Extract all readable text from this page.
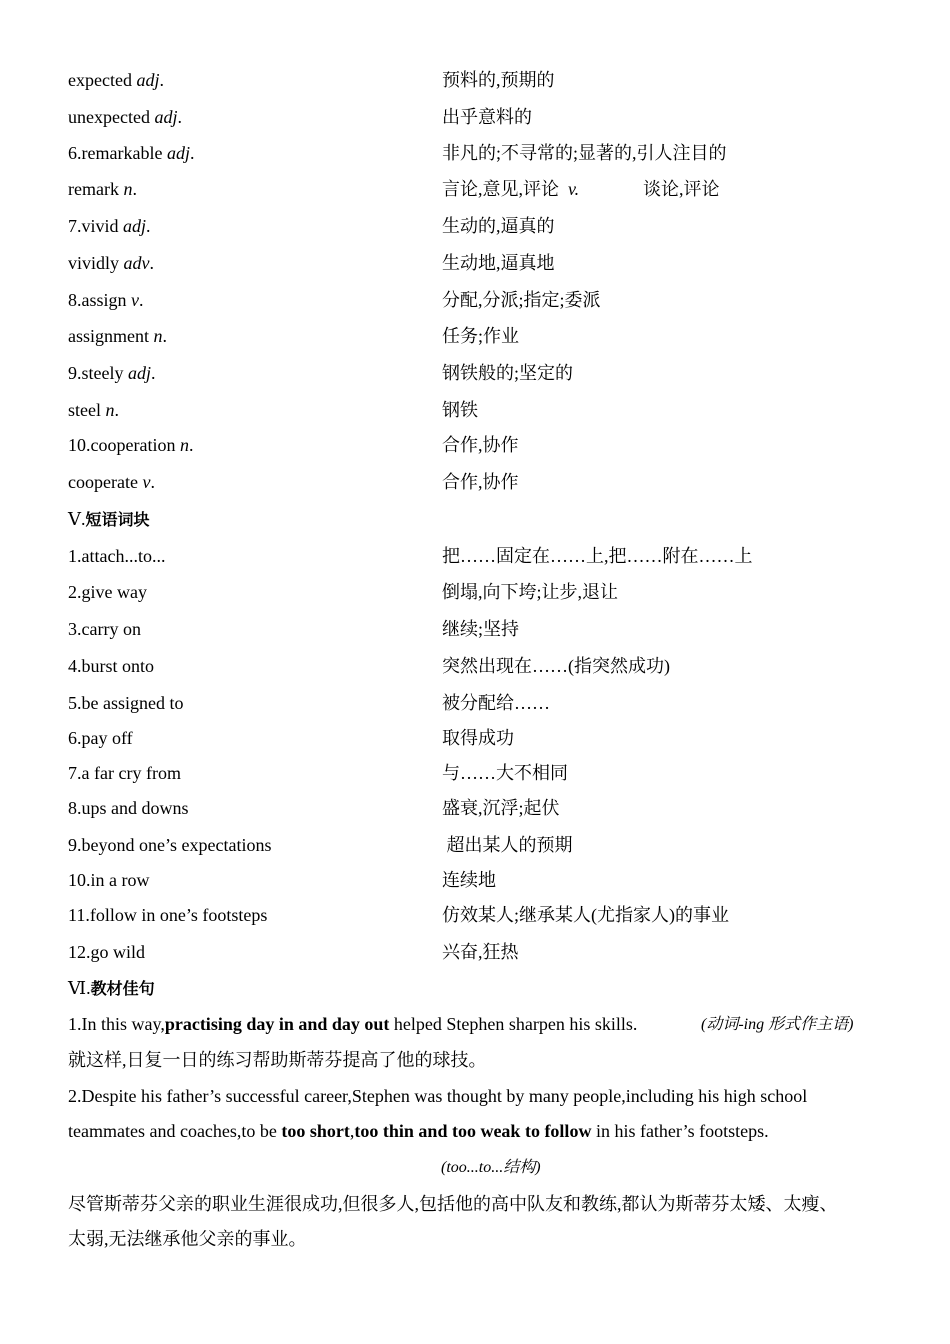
expected adj.	预料的,预期的
unexpected adj.	出乎意料的
6.remarkable adj.	非凡的;不寻常的;显著的,引人注目的
remark n.	言论,意见,评论 v.	谈论,评论
7.vivid adj.	生动的,逼真的
vividly adv.	生动地,逼真地
8.assign v.	分配,分派;指定;委派
assignment n.	任务;作业
9.steely adj.	钢铁般的;坚定的
steel n.	钢铁
10.cooperation n.	合作,协作
cooperate v.	合作,协作
Ⅴ.短语词块
1.attach...to...	把……固定在……上,把……附在……上
2.give way	倒塌,向下垮;让步,退让
3.carry on	继续;坚持
4.burst onto	突然出现在……(指突然成功)
5.be assigned to	被分配给……
6.pay off	取得成功
7.a far cry from	与……大不相同
8.ups and downs	盛衰,沉浮;起伏
9.beyond one’s expectations	超出某人的预期
10.in a row	连续地
11.follow in one’s footsteps	仿效某人;继承某人(尤指家人)的事业
12.go wild	兴奋,狂热
Ⅵ.教材佳句
1.In this way,practising day in and day out helped Stephen sharpen his skills.	(动词-ing 形式作主语)
就这样,日复一日的练习帮助斯蒂芬提高了他的球技。
2.Despite his father’s successful career,Stephen was thought by many people,including his high school
teammates and coaches,to be too short,too thin and too weak to follow in his father’s footsteps.
(too...to...结构)
尽管斯蒂芬父亲的职业生涯很成功,但很多人,包括他的高中队友和教练,都认为斯蒂芬太矮、太瘦、
太弱,无法继承他父亲的事业。
